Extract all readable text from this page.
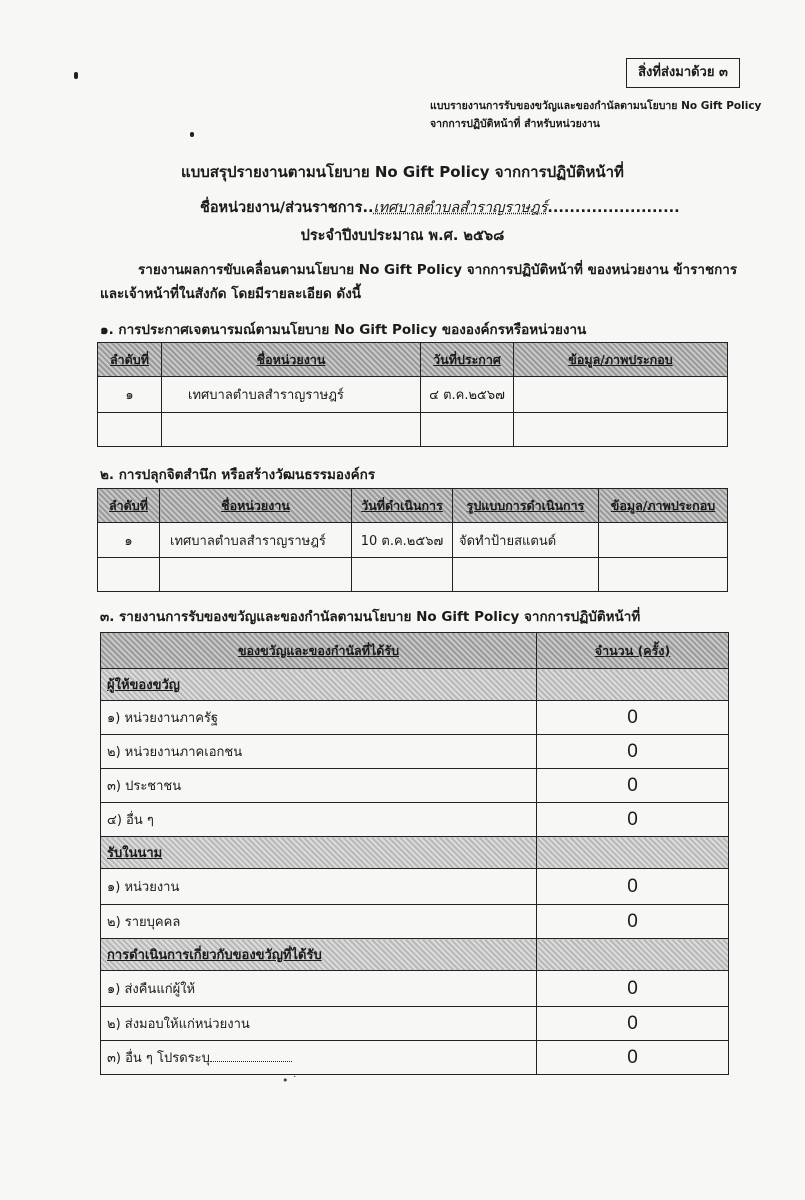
สิ่งที่ส่งมาด้วย ๓
แบบรายงานการรับของขวัญและของกำนัลตามนโยบาย No Gift Policy
จากการปฏิบัติหน้าที่ สำหรับหน่วยงาน
แบบสรุปรายงานตามนโยบาย No Gift Policy จากการปฏิบัติหน้าที่
ชื่อหน่วยงาน/ส่วนราชการ..เทศบาลตำบลสำราญราษฎร์........................
ประจำปีงบประมาณ พ.ศ. ๒๕๖๘
รายงานผลการขับเคลื่อนตามนโยบาย No Gift Policy จากการปฏิบัติหน้าที่ ของหน่วยงาน ข้าราชการและเจ้าหน้าที่ในสังกัด โดยมีรายละเอียด ดังนี้
๑. การประกาศเจตนารมณ์ตามนโยบาย No Gift Policy ขององค์กรหรือหน่วยงาน
ลำดับที่	ชื่อหน่วยงาน	วันที่ประกาศ	ข้อมูล/ภาพประกอบ
๑	เทศบาลตำบลสำราญราษฎร์	๔ ต.ค.๒๕๖๗	

๒. การปลุกจิตสำนึก หรือสร้างวัฒนธรรมองค์กร
ลำดับที่	ชื่อหน่วยงาน	วันที่ดำเนินการ	รูปแบบการดำเนินการ	ข้อมูล/ภาพประกอบ
๑	เทศบาลตำบลสำราญราษฎร์	10 ต.ค.๒๕๖๗	จัดทำป้ายสแตนด์	

๓. รายงานการรับของขวัญและของกำนัลตามนโยบาย No Gift Policy จากการปฏิบัติหน้าที่
ของขวัญและของกำนัลที่ได้รับ	จำนวน (ครั้ง)
ผู้ให้ของขวัญ	
๑) หน่วยงานภาครัฐ	0
๒) หน่วยงานภาคเอกชน	0
๓) ประชาชน	0
๔) อื่น ๆ	0
รับในนาม	
๑) หน่วยงาน	0
๒) รายบุคคล	0
การดำเนินการเกี่ยวกับของขวัญที่ได้รับ	
๑) ส่งคืนแก่ผู้ให้	0
๒) ส่งมอบให้แก่หน่วยงาน	0
๓) อื่น ๆ โปรดระบุ	0
• ˙
